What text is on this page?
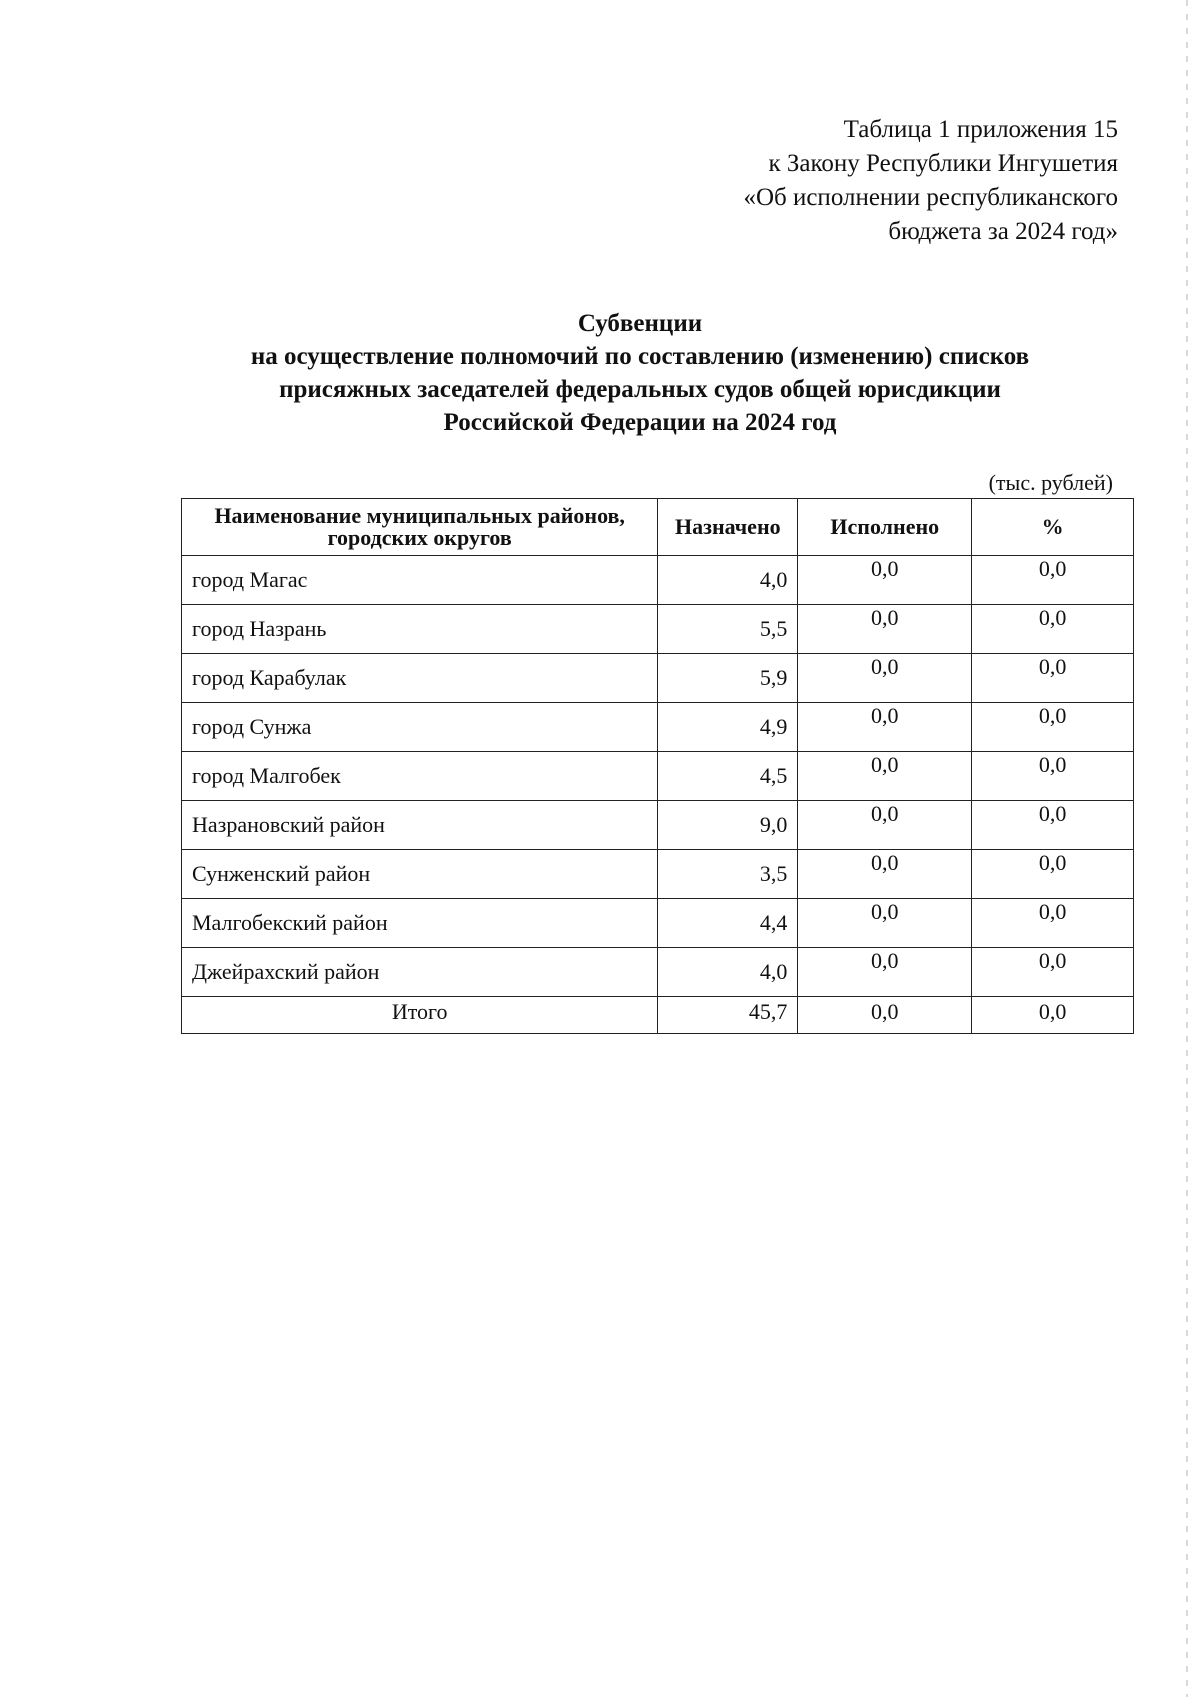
Таблица 1 приложения 15
к Закону Республики Ингушетия
«Об исполнении республиканского
бюджета за 2024 год»
Субвенции
на осуществление полномочий по составлению (изменению) списков
присяжных заседателей федеральных судов общей юрисдикции
Российской Федерации на 2024 год
(тыс. рублей)
Наименование муниципальных районов, городских округов	Назначено	Исполнено	%
город Магас	4,0	0,0	0,0
город Назрань	5,5	0,0	0,0
город Карабулак	5,9	0,0	0,0
город Сунжа	4,9	0,0	0,0
город Малгобек	4,5	0,0	0,0
Назрановский район	9,0	0,0	0,0
Сунженский район	3,5	0,0	0,0
Малгобекский район	4,4	0,0	0,0
Джейрахский район	4,0	0,0	0,0
Итого	45,7	0,0	0,0
